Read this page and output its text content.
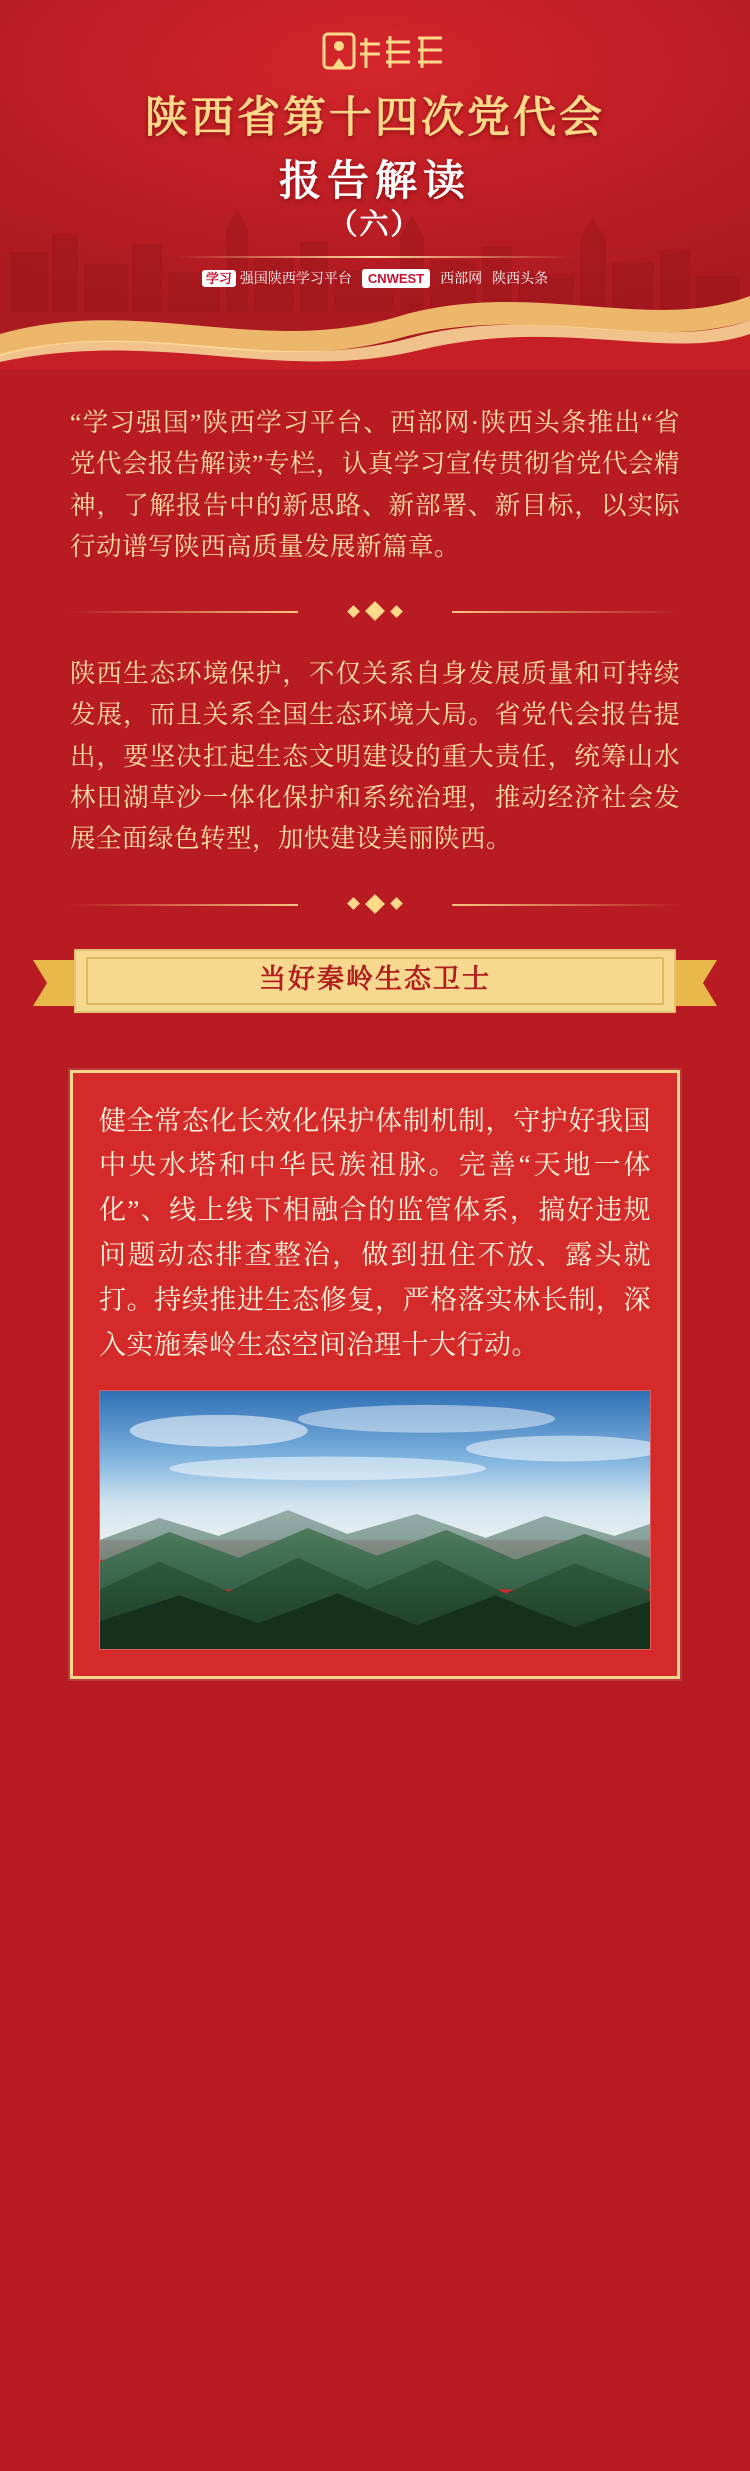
陕西省第十四次党代会
报告解读
（六）
学习 强国陕西学习平台	CNWEST	西部网 陕西头条

“学习强国”陕西学习平台、西部网·陕西头条推出“省党代会报告解读”专栏，认真学习宣传贯彻省党代会精神，了解报告中的新思路、新部署、新目标，以实际行动谱写陕西高质量发展新篇章。

陕西生态环境保护，不仅关系自身发展质量和可持续发展，而且关系全国生态环境大局。省党代会报告提出，要坚决扛起生态文明建设的重大责任，统筹山水林田湖草沙一体化保护和系统治理，推动经济社会发展全面绿色转型，加快建设美丽陕西。

当好秦岭生态卫士
健全常态化长效化保护体制机制，守护好我国中央水塔和中华民族祖脉。完善“天地一体化”、线上线下相融合的监管体系，搞好违规问题动态排查整治，做到扭住不放、露头就打。持续推进生态修复，严格落实林长制，深入实施秦岭生态空间治理十大行动。
